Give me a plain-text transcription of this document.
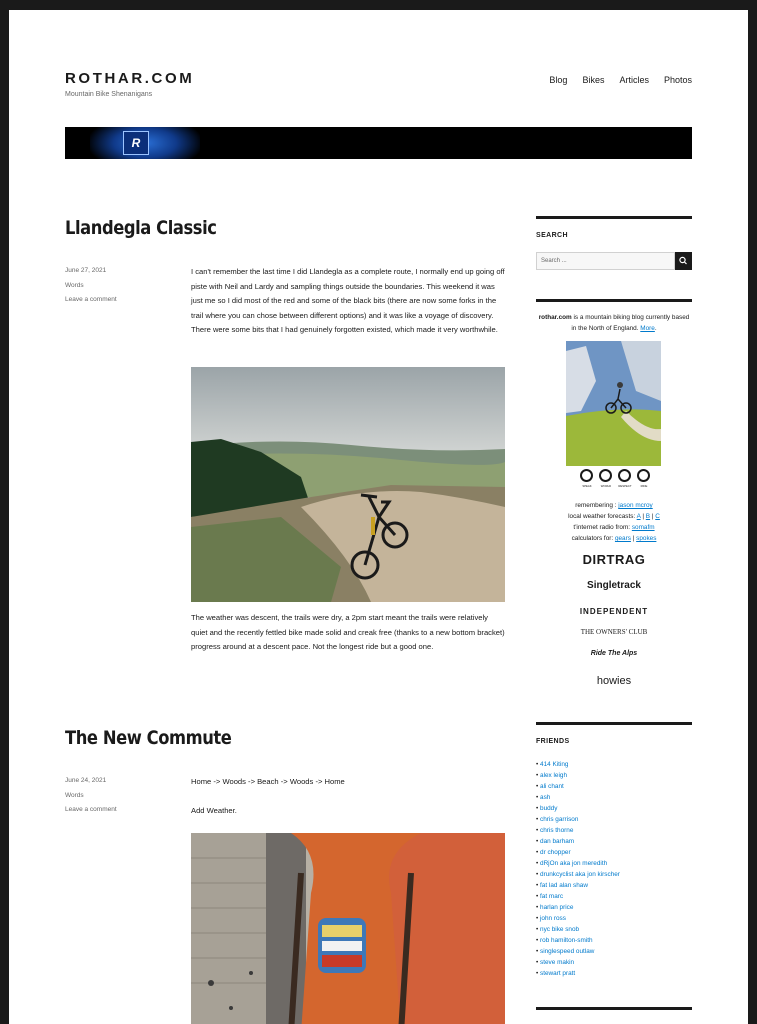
ROTHAR.COM
Mountain Bike Shenanigans
Blog Bikes Articles Photos
R
Llandegla Classic
June 27, 2021
Words
Leave a comment

I can't remember the last time I did Llandegla as a complete route, I normally end up going off piste with Neil and Lardy and sampling things outside the boundaries. This weekend it was just me so I did most of the red and some of the black bits (there are now some forks in the trail where you can chose between different options) and it was like a voyage of discovery. There were some bits that I had genuinely forgotten existed, which made it very worthwhile.

The weather was descent, the trails were dry, a 2pm start meant the trails were relatively quiet and the recently fettled bike made solid and creak free (thanks to a new bottom bracket) progress around at a descent pace. Not the longest ride but a good one.

The New Commute
June 24, 2021
Words
Leave a comment

Home -> Woods -> Beach -> Woods -> Home

Add Weather.

SEARCH
Search ...
rothar.com is a mountain biking blog currently based in the North of England. More.
SPEAK	WORLD	RESPECT	RIDE
remembering : jason mcroy
local weather forecasts: A | B | C
t'internet radio from: somafm
calculators for: gears | spokes
DIRTRAG
Singletrack
INDEPENDENT
THE OWNERS' CLUB
Ride The Alps
howies
FRIENDS
• 414 Kiting
• alex leigh
• ali chant
• ash
• buddy
• chris garrison
• chris thorne
• dan barham
• dr chopper
• dRjOn aka jon meredith
• drunkcyclist aka jon kirscher
• fat lad alan shaw
• fat marc
• harlan price
• john ross
• nyc bike snob
• rob hamilton-smith
• singlespeed outlaw
• steve makin
• stewart pratt
